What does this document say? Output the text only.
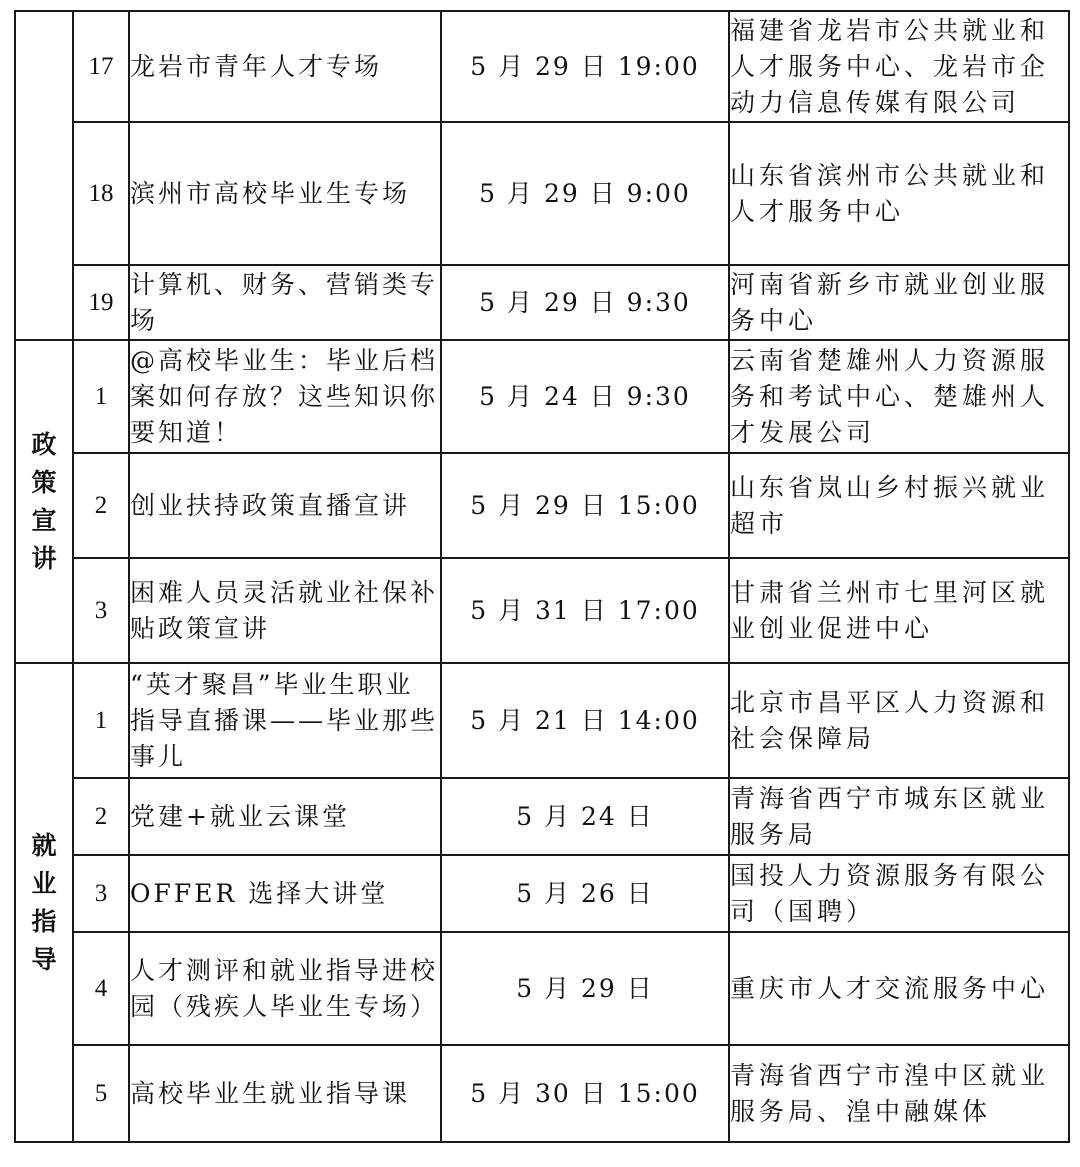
	17	龙岩市青年人才专场	5 月 29 日 19:00	福建省龙岩市公共就业和人才服务中心、龙岩市企动力信息传媒有限公司
	18	滨州市高校毕业生专场	5 月 29 日 9:00	山东省滨州市公共就业和人才服务中心
	19	计算机、财务、营销类专场	5 月 29 日 9:30	河南省新乡市就业创业服务中心

政策宣讲	1	@高校毕业生：毕业后档案如何存放？这些知识你要知道！	5 月 24 日 9:30	云南省楚雄州人力资源服务和考试中心、楚雄州人才发展公司
	2	创业扶持政策直播宣讲	5 月 29 日 15:00	山东省岚山乡村振兴就业超市
	3	困难人员灵活就业社保补贴政策宣讲	5 月 31 日 17:00	甘肃省兰州市七里河区就业创业促进中心

就业指导	1	“英才聚昌”毕业生职业指导直播课——毕业那些事儿	5 月 21 日 14:00	北京市昌平区人力资源和社会保障局
	2	党建+就业云课堂	5 月 24 日	青海省西宁市城东区就业服务局
	3	OFFER 选择大讲堂	5 月 26 日	国投人力资源服务有限公司（国聘）
	4	人才测评和就业指导进校园（残疾人毕业生专场）	5 月 29 日	重庆市人才交流服务中心
	5	高校毕业生就业指导课	5 月 30 日 15:00	青海省西宁市湟中区就业服务局、湟中融媒体
